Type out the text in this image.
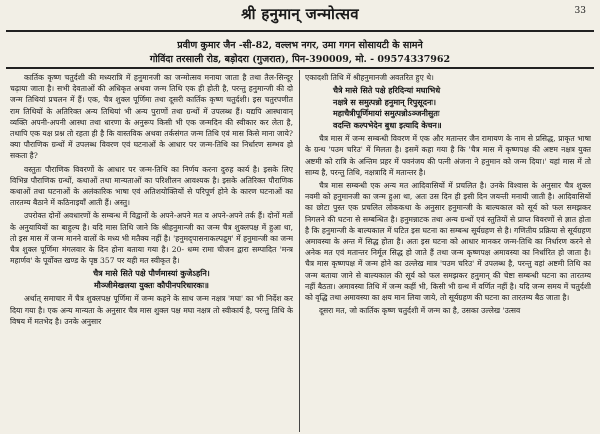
33
श्री हनुमान् जन्मोत्सव
प्रवीण कुमार जैन -सी-82, वल्लभ नगर, उमा गगन सोसायटी के सामने
गोविंदा तरसाली रोड, बड़ोदरा (गुजरात), पिन-390009, मो. - 09574337962

कार्तिक कृष्ण चतुर्दशी की मध्यरात्रि में हनुमानजी का जन्मोत्सव मनाया जाता है तथा तैल-सिन्दूर चढ़ाया जाता है। सभी देवताओं की अधिकृत अथवा जन्म तिथि एक ही होती है, परन्तु हनुमान्जी की दो जन्म तिथियां प्रचलन में हैं। एक, चैत्र शुक्ल पूर्णिमा तथा दूसरी कार्तिक कृष्ण चतुर्दशी। इस चतुरपणीत राम तिथियों के अतिरिक्त अन्य तिथियां भी अन्य पुराणों तथा ग्रन्थों में उपलब्ध हैं। यद्यपि आस्थावान् व्यक्ति अपनी-अपनी आस्था तथा धारणा के अनुरूप किसी भी एक जन्मदिन की स्वीकार कर लेता है, तथापि एक यक्ष प्रश्न तो रहता ही है कि वास्तविक अथवा तर्कसंगत जन्म तिथि एवं मास किसे माना जाये? क्या पौराणिक ग्रन्थों में उपलब्ध विवरण एवं घटनाओं के आधार पर जन्म-तिथि का निर्धारण सम्भव हो सकता है?

वस्तुतः पौराणिक विवरणों के आधार पर जन्म-तिथि का निर्णय करना दुरुह कार्य है। इसके लिए विभिन्न पौराणिक ग्रन्थों, कथाओं तथा मान्यताओं का परिशीलन आवश्यक है। इसके अतिरिक्त पौराणिक कथाओं तथा घटनाओं के अलंकारिक भाषा एवं अतिशयोक्तियों से परिपूर्ण होने के कारण घटनाओं का तारतम्य बैठाने में कठिनाइयाँ आती हैं। अस्तु।

उपरोक्त दोनों अवधारणों के सम्बन्ध में विद्वानों के अपने-अपने मत व अपने-अपने तर्क हैं। दोनों मतों के अनुयायियों का बाहुल्य है। यदि मास तिथि जाने कि श्रीहनुमान्जी का जन्म चैत्र शुक्लपक्ष में हुआ था, तो इस मास में जन्म मानने वालों के मध्य भी मतैक्य नहीं है। 'हनुमद्‌पासनाकल्पद्रुम' में हनुमान्जी का जन्म चैत्र शुक्ल पूर्णिमा मंगलवार के दिन होना बताया गया है। 20- धम्म रामा चीजन द्वारा सम्पादित 'मन्त्र महार्णव' के पूर्वोक्त खण्ड के पृष्ठ 357 पर यही मत स्वीकृत है।

चैत्र मासे सिते पक्षे पौर्णमास्यां कुजेऽहनि।
मौञ्जीमेखलया युक्तः कौपीनपरिधारकः॥

अर्थात् समाचार में चैत्र शुक्लपक्ष पूर्णिमा में जन्म कहने के साथ जन्म नक्षत्र 'मघा' का भी निर्देश कर दिया गया है। एक अन्य मान्यता के अनुसार चैत्र मास शुक्ल पक्ष मघा नक्षत्र तो स्वीकार्य है, परन्तु तिथि के विषय में मतभेद है। उनके अनुसार

एकादशी तिथि में श्रीहनुमानजी अवतरित हुए थे।

चैत्रे मासे सिते पक्षे हरिदिन्यां मघाभिधे
नक्षत्रे स समुत्पन्नो हनुमान् रिपुसूदनः।
महाचैत्रीपूर्णिमायां समुत्पन्नोऽञ्जनीसुतः
वदन्ति कल्पभेदेन बुधा इत्यादि केचन॥

चैत्र मास में जन्म सम्बन्धी विवरण में एक और मतान्तर जैन रामायण के नाम से प्रसिद्ध, प्राकृत भाषा के ग्रन्थ 'पउम चरिउ' में मिलता है। इसमें कहा गया है कि 'चैत्र मास में कृष्णपक्ष की अष्टम नक्षत्र युक्त अष्टमी को रात्रि के अन्तिम प्रहर में पवनंजय की पत्नी अंजना ने हनुमान को जन्म दिया।' यहां मास में तो साम्य है, परन्तु तिथि, नक्षत्रादि में मतान्तर है।

चैत्र मास सम्बन्धी एक अन्य मत आदिवासियों में प्रचलित है। उनके विश्वास के अनुसार चैत्र शुक्ल नवमी को हनुमानजी का जन्म हुआ था, अतः उस दिन ही इसी दिन जयन्ती मनायी जाती है। आदिवासियों का छोटा पुस्त एक प्रचलित लोककथा के अनुसार हनुमान्जी के बाल्यकाल को सूर्य को फल समझकर निगलने की घटना से सम्बन्धित है। हनुमन्नाटक तथा अन्य ग्रन्थों एवं स्तुतियों से प्राप्त विवरणों से ज्ञात होता है कि हनुमान्जी के बाल्यकाल में घटित इस घटना का सम्बन्ध सूर्यग्रहण से है। गणितीय प्रक्रिया से सूर्यग्रहण अमावस्या के अन्त में सिद्ध होता है। अतः इस घटना को आधार मानकर जन्म-तिथि का निर्धारण करने से अनेक मत एवं मतान्तर निर्मूल सिद्ध हो जाते हैं तथा जन्म कृष्णपक्ष अमावस्या का निर्धारित हो जाता है। चैत्र मास कृष्णपक्ष में जन्म होने का उल्लेख मात्र 'पउम चरिउ' में उपलब्ध है, परन्तु वहां अष्टमी तिथि का जन्म बताया जाने से बाल्यकाल की सूर्य को फल समझकर हनुमान् की चेष्टा सम्बन्धी घटना का तारतम्य नहीं बैठता। अमावस्या तिथि में जन्म कहीं भी, किसी भी ग्रन्थ में वर्णित नहीं है। यदि जन्म समय में चतुर्दशी को वृद्धि तथा अमावस्या का क्षय मान लिया जाये, तो सूर्यग्रहण की घटना का तारतम्य बैठ जाता है।

दूसरा मत, जो कार्तिक कृष्ण चतुर्दशी में जन्म का है, उसका उल्लेख 'उत्सव
